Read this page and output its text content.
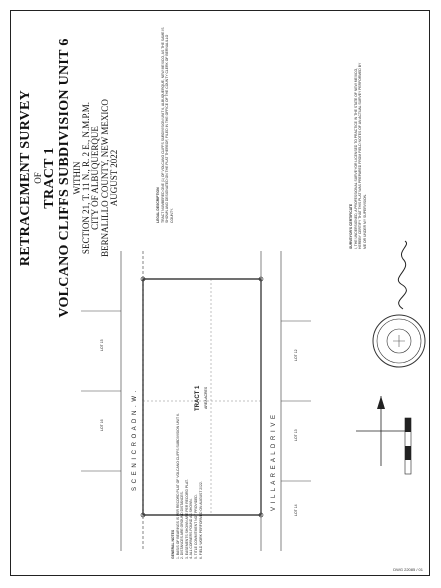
RETRACEMENT SURVEY OF TRACT 1 VOLCANO CLIFFS SUBDIVISION UNIT 6 WITHIN SECTION 21, T. 11 N., R. 2 E., N.M.P.M. CITY OF ALBUQUERQUE BERNALILLO COUNTY, NEW MEXICO AUGUST 2022	LEGAL DESCRIPTION TRACT NUMBERED ONE (1) OF VOLCANO CLIFFS SUBDIVISION UNIT 6, ALBUQUERQUE, NEW MEXICO, AS THE SAME IS SHOWN AND DESIGNATED ON THE PLAT THEREOF, FILED IN THE OFFICE OF THE COUNTY CLERK OF BERNALILLO COUNTY.
GENERAL NOTES 1. BASIS OF BEARINGS IS PER RECORD PLAT OF VOLCANO CLIFFS SUBDIVISION UNIT 6. 2. DISTANCES ARE GROUND DISTANCES. 3. EASEMENTS SHOWN ARE PER RECORD PLAT. 4. ALL CORNERS FOUND AS SHOWN. 5. TITLE COMMITMENT NOT PROVIDED. 6. FIELD WORK PERFORMED ON AUGUST 2022.
SURVEYOR'S CERTIFICATE I, THE UNDERSIGNED, A PROFESSIONAL SURVEYOR LICENSED TO PRACTICE IN THE STATE OF NEW MEXICO, HEREBY CERTIFY THAT THIS PLAT WAS PREPARED FROM FIELD NOTES OF AN ACTUAL SURVEY PERFORMED BY ME OR UNDER MY SUPERVISION.
S C E N I C R O A D N . W .	V I L L A R E A L D R I V E
TRACT 1 AREA ACRES
LOT 12
LOT 13
LOT 14
LOT 15
LOT 16
DWG 22085 / 01
